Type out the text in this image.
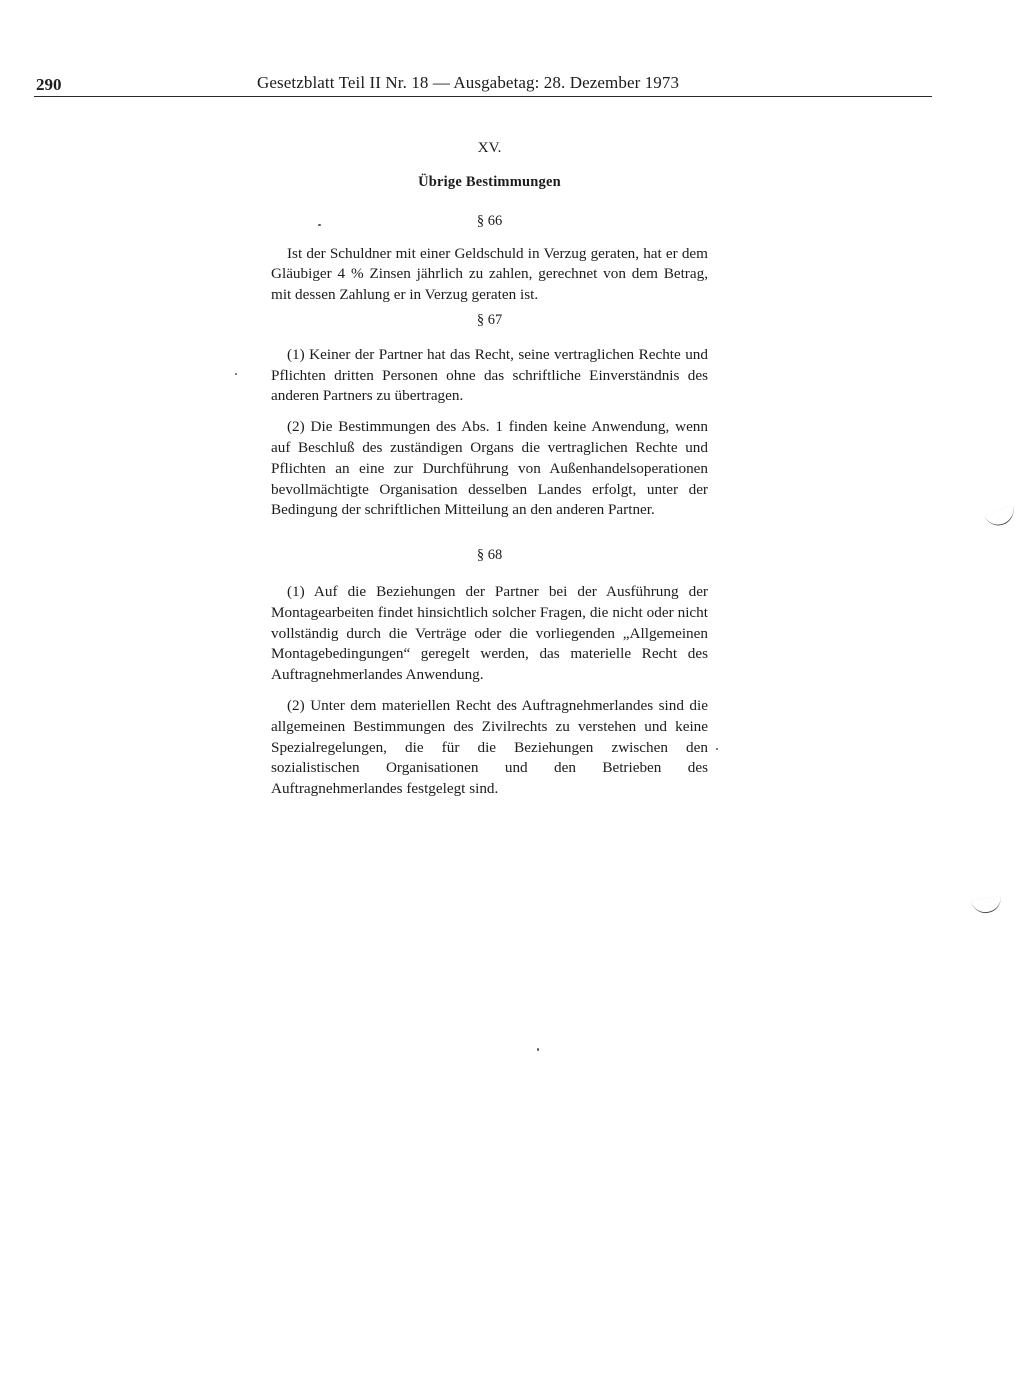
290	Gesetzblatt Teil II Nr. 18 — Ausgabetag: 28. Dezember 1973
XV.
Übrige Bestimmungen
§ 66

Ist der Schuldner mit einer Geldschuld in Verzug geraten, hat er dem Gläubiger 4 % Zinsen jährlich zu zahlen, gerechnet von dem Betrag, mit dessen Zahlung er in Verzug geraten ist.

§ 67

(1) Keiner der Partner hat das Recht, seine vertraglichen Rechte und Pflichten dritten Personen ohne das schriftliche Einverständnis des anderen Partners zu übertragen.

(2) Die Bestimmungen des Abs. 1 finden keine Anwendung, wenn auf Beschluß des zuständigen Organs die vertraglichen Rechte und Pflichten an eine zur Durchführung von Außenhandelsoperationen bevollmächtigte Organisation desselben Landes erfolgt, unter der Bedingung der schriftlichen Mitteilung an den anderen Partner.

§ 68

(1) Auf die Beziehungen der Partner bei der Ausführung der Montagearbeiten findet hinsichtlich solcher Fragen, die nicht oder nicht vollständig durch die Verträge oder die vorliegenden „Allgemeinen Montagebedingungen“ geregelt werden, das materielle Recht des Auftragnehmerlandes Anwendung.

(2) Unter dem materiellen Recht des Auftragnehmerlandes sind die allgemeinen Bestimmungen des Zivilrechts zu verstehen und keine Spezialregelungen, die für die Beziehungen zwischen den sozialistischen Organisationen und den Betrieben des Auftragnehmerlandes festgelegt sind.
